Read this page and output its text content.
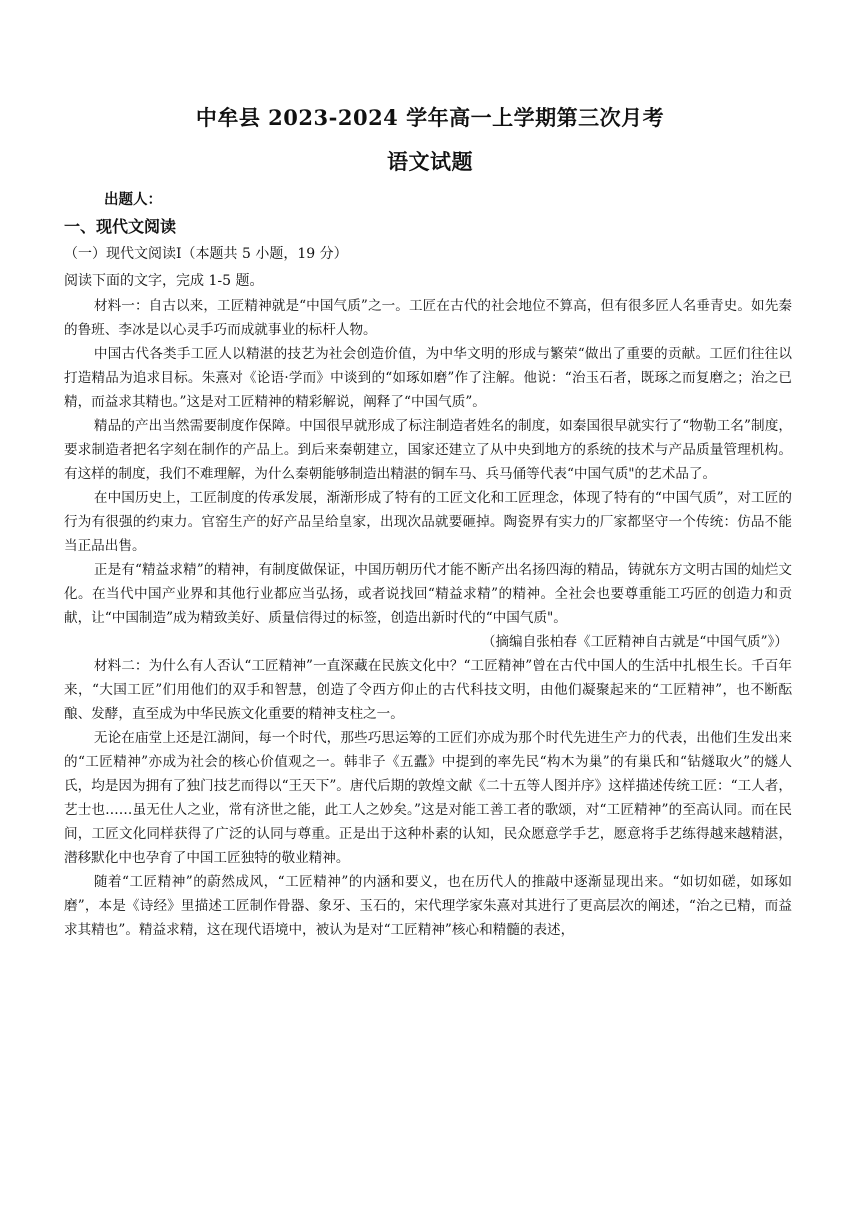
中牟县 2023-2024 学年高一上学期第三次月考
语文试题
出题人：
一、现代文阅读
（一）现代文阅读Ⅰ（本题共 5 小题，19 分）
阅读下面的文字，完成 1-5 题。

材料一：自古以来，工匠精神就是“中国气质”之一。工匠在古代的社会地位不算高，但有很多匠人名垂青史。如先秦的鲁班、李冰是以心灵手巧而成就事业的标杆人物。

中国古代各类手工匠人以精湛的技艺为社会创造价值，为中华文明的形成与繁荣“做出了重要的贡献。工匠们往往以打造精品为追求目标。朱熹对《论语·学而》中谈到的“如琢如磨”作了注解。他说：“治玉石者，既琢之而复磨之；治之已精，而益求其精也。”这是对工匠精神的精彩解说，阐释了“中国气质”。

精品的产出当然需要制度作保障。中国很早就形成了标注制造者姓名的制度，如秦国很早就实行了“物勒工名”制度，要求制造者把名字刻在制作的产品上。到后来秦朝建立，国家还建立了从中央到地方的系统的技术与产品质量管理机构。有这样的制度，我们不难理解，为什么秦朝能够制造出精湛的铜车马、兵马俑等代表“中国气质"的艺术品了。

在中国历史上，工匠制度的传承发展，渐渐形成了特有的工匠文化和工匠理念，体现了特有的“中国气质”，对工匠的行为有很强的约束力。官窑生产的好产品呈给皇家，出现次品就要砸掉。陶瓷界有实力的厂家都坚守一个传统：仿品不能当正品出售。

正是有“精益求精”的精神，有制度做保证，中国历朝历代才能不断产出名扬四海的精品，铸就东方文明古国的灿烂文化。在当代中国产业界和其他行业都应当弘扬，或者说找回“精益求精”的精神。全社会也要尊重能工巧匠的创造力和贡献，让“中国制造”成为精致美好、质量信得过的标签，创造出新时代的“中国气质"。

（摘编自张柏春《工匠精神自古就是“中国气质”》）

材料二：为什么有人否认“工匠精神”一直深藏在民族文化中？“工匠精神”曾在古代中国人的生活中扎根生长。千百年来，“大国工匠”们用他们的双手和智慧，创造了令西方仰止的古代科技文明，由他们凝聚起来的“工匠精神”，也不断酝酿、发酵，直至成为中华民族文化重要的精神支柱之一。

无论在庙堂上还是江湖间，每一个时代，那些巧思运筹的工匠们亦成为那个时代先进生产力的代表，出他们生发出来的“工匠精神”亦成为社会的核心价值观之一。韩非子《五蠹》中提到的率先民“构木为巢”的有巢氏和“钻燧取火”的燧人氏，均是因为拥有了独门技艺而得以“王天下”。唐代后期的敦煌文献《二十五等人图并序》这样描述传统工匠：“工人者，艺士也……虽无仕人之业，常有济世之能，此工人之妙矣。”这是对能工善工者的歌颂，对“工匠精神”的至高认同。而在民间，工匠文化同样获得了广泛的认同与尊重。正是出于这种朴素的认知，民众愿意学手艺，愿意将手艺练得越来越精湛，潜移默化中也孕育了中国工匠独特的敬业精神。

随着“工匠精神”的蔚然成风，“工匠精神”的内涵和要义，也在历代人的推敲中逐渐显现出来。“如切如磋，如琢如磨”，本是《诗经》里描述工匠制作骨器、象牙、玉石的，宋代理学家朱熹对其进行了更高层次的阐述，“治之已精，而益求其精也”。精益求精，这在现代语境中，被认为是对“工匠精神”核心和精髓的表述，
